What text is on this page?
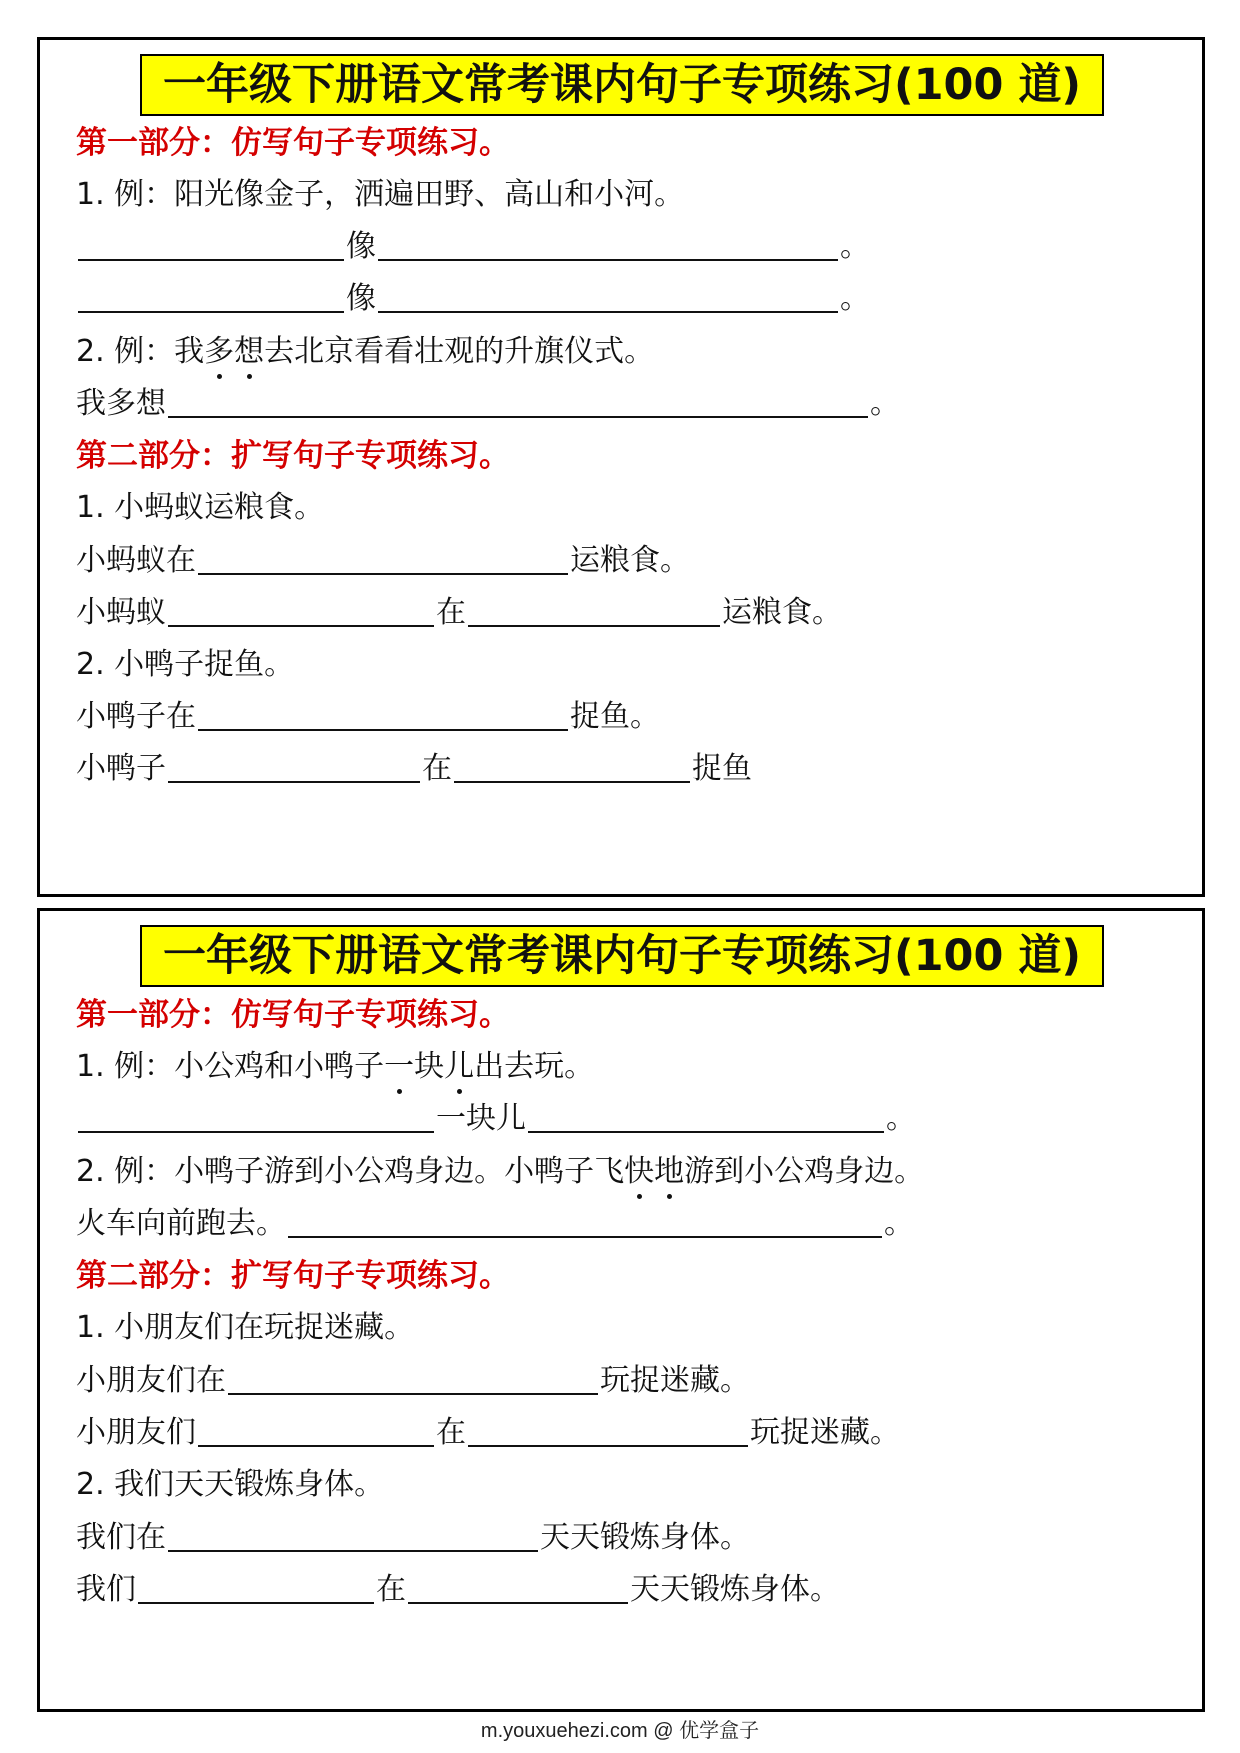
一年级下册语文常考课内句子专项练习(100 道)
第一部分：仿写句子专项练习。
1. 例：阳光像金子，洒遍田野、高山和小河。
像	。
像	。
2. 例： 我 多 想 去北京看看壮观的升旗仪式。
我多想	。
第二部分：扩写句子专项练习。
1. 小蚂蚁运粮食。
小蚂蚁在	运粮食。
小蚂蚁	在	运粮食。
2. 小鸭子捉鱼。
小鸭子在	捉鱼。
小鸭子	在	捉鱼
一年级下册语文常考课内句子专项练习(100 道)
第一部分：仿写句子专项练习。
1. 例：小公鸡和小鸭子 一 块 儿 出去玩。
一块儿	。
2. 例：小鸭子游到小公鸡身边。小鸭子飞 快 地 游到小公鸡身边。
火车向前跑去。	。
第二部分：扩写句子专项练习。
1. 小朋友们在玩捉迷藏。
小朋友们在	玩捉迷藏。
小朋友们	在	玩捉迷藏。
2. 我们天天锻炼身体。
我们在	天天锻炼身体。
我们	在	天天锻炼身体。
m.youxuehezi.com @ 优学盒子
